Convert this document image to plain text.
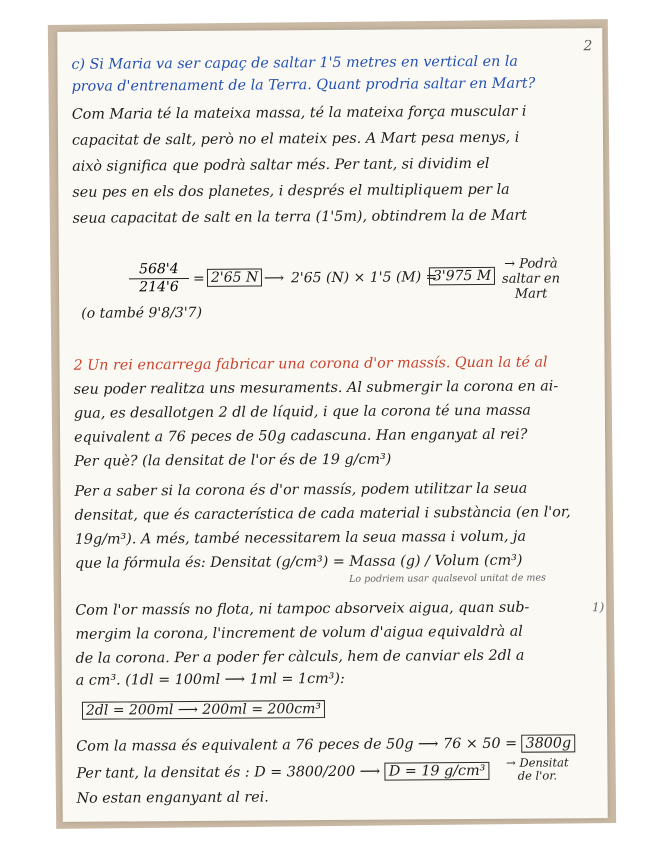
2
c) Si Maria va ser capaç de saltar 1'5 metres en vertical en la
prova d'entrenament de la Terra. Quant prodria saltar en Mart?
Com Maria té la mateixa massa, té la mateixa força muscular i
capacitat de salt, però no el mateix pes. A Mart pesa menys, i
això significa que podrà saltar més. Per tant, si dividim el
seu pes en els dos planetes, i després el multipliquem per la
seua capacitat de salt en la terra (1'5m), obtindrem la de Mart
$\frac{568'4}{214'6} = 2'65$ N ⟶ 2'65 (N) × 1'5 (M) =
3'975 M
→ Podrà saltar en Mart
(o també 9'8/3'7)
2 Un rei encarrega fabricar una corona d'or massís. Quan la té al
seu poder realitza uns mesuraments. Al submergir la corona en ai-
gua, es desallotgen 2 dl de líquid, i que la corona té una massa
equivalent a 76 peces de 50g cadascuna. Han enganyat al rei?
Per què? (la densitat de l'or és de 19 g/cm³)
Per a saber si la corona és d'or massís, podem utilitzar la seua
densitat, que és característica de cada material i substància (en l'or,
19g/m³). A més, també necessitarem la seua massa i volum, ja
que la fórmula és: Densitat (g/cm³) = Massa (g) / Volum (cm³)
Lo podriem usar qualsevol unitat de mes
Com l'or massís no flota, ni tampoc absorveix aigua, quan sub-
mergim la corona, l'increment de volum d'aigua equivaldrà al
de la corona. Per a poder fer càlculs, hem de canviar els 2dl a
a cm³. (1dl = 100ml ⟶ 1ml = 1cm³):
1)
2dl = 200ml ⟶ 200ml = 200cm³
Com la massa és equivalent a 76 peces de 50g ⟶ 76 × 50 = 3800g
Per tant, la densitat és : D = 3800/200 ⟶ D = 19 g/cm³
→ Densitat de l'or.
No estan enganyant al rei.
